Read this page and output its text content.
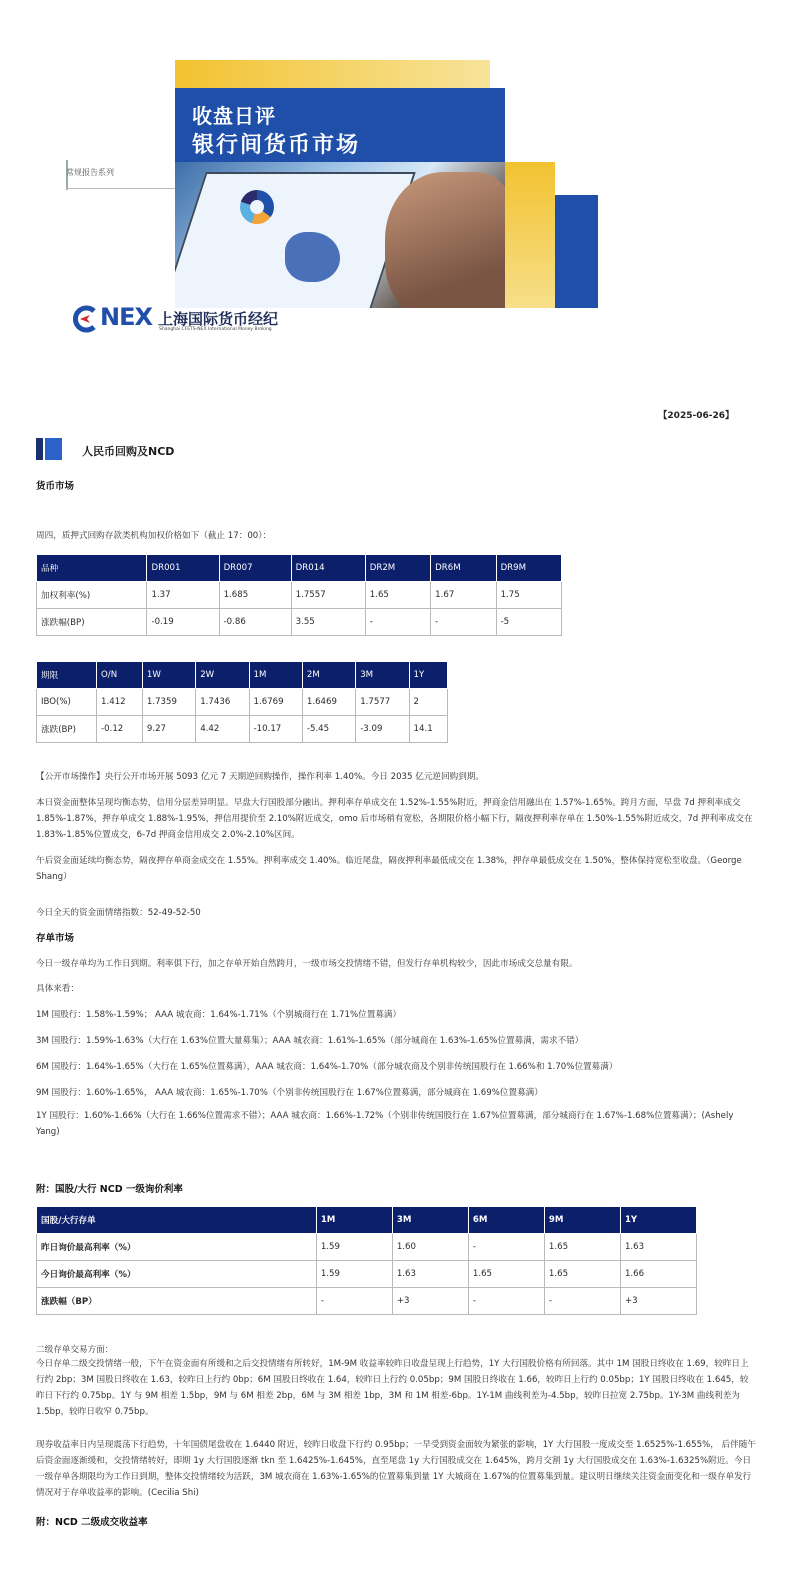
收盘日评
银行间货币市场
常规报告系列
NEX 上海国际货币经纪
Shanghai CFETS-NEX International Money Broking
【2025-06-26】
人民币回购及NCD
货币市场
周四，质押式回购存款类机构加权价格如下（截止 17：00）：
品种	DR001	DR007	DR014	DR2M	DR6M	DR9M
加权利率(%)	1.37	1.685	1.7557	1.65	1.67	1.75
涨跌幅(BP)	-0.19	-0.86	3.55	-	-	-5
期限	O/N	1W	2W	1M	2M	3M	1Y
IBO(%)	1.412	1.7359	1.7436	1.6769	1.6469	1.7577	2
涨跌(BP)	-0.12	9.27	4.42	-10.17	-5.45	-3.09	14.1
【公开市场操作】央行公开市场开展 5093 亿元 7 天期逆回购操作，操作利率 1.40%。今日 2035 亿元逆回购到期。
本日资金面整体呈现均衡态势，信用分层差异明显。早盘大行国股部分融出。押利率存单成交在 1.52%-1.55%附近，押商金信用融出在 1.57%-1.65%。跨月方面，早盘 7d 押利率成交 1.85%-1.87%，押存单成交 1.88%-1.95%，押信用提价至 2.10%附近成交，omo 后市场稍有宽松，各期限价格小幅下行，隔夜押利率存单在 1.50%-1.55%附近成交，7d 押利率成交在 1.83%-1.85%位置成交，6-7d 押商金信用成交 2.0%-2.10%区间。
午后资金面延续均衡态势，隔夜押存单商金成交在 1.55%。押利率成交 1.40%。临近尾盘，隔夜押利率最低成交在 1.38%，押存单最低成交在 1.50%，整体保持宽松至收盘。（George Shang）
今日全天的资金面情绪指数：52-49-52-50
存单市场
今日一级存单均为工作日到期。利率俱下行，加之存单开始自然跨月，一级市场交投情绪不错，但发行存单机构较少，因此市场成交总量有限。
具体来看：
1M 国股行：1.58%-1.59%； AAA 城农商：1.64%-1.71%（个别城商行在 1.71%位置募满）
3M 国股行：1.59%-1.63%（大行在 1.63%位置大量募集）；AAA 城农商：1.61%-1.65%（部分城商在 1.63%-1.65%位置募满，需求不错）
6M 国股行：1.64%-1.65%（大行在 1.65%位置募满），AAA 城农商：1.64%-1.70%（部分城农商及个别非传统国股行在 1.66%和 1.70%位置募满）
9M 国股行：1.60%-1.65%， AAA 城农商：1.65%-1.70%（个别非传统国股行在 1.67%位置募满，部分城商在 1.69%位置募满）
1Y 国股行：1.60%-1.66%（大行在 1.66%位置需求不错）；AAA 城农商：1.66%-1.72%（个别非传统国股行在 1.67%位置募满，部分城商行在 1.67%-1.68%位置募满）；(Ashely Yang)
附：国股/大行 NCD 一级询价利率
国股/大行存单	1M	3M	6M	9M	1Y
昨日询价最高利率（%）	1.59	1.60	-	1.65	1.63
今日询价最高利率（%）	1.59	1.63	1.65	1.65	1.66
涨跌幅（BP）	-	+3	-	-	+3
二级存单交易方面：
今日存单二级交投情绪一般，下午在资金面有所缓和之后交投情绪有所转好，1M-9M 收益率较昨日收盘呈现上行趋势，1Y 大行国股价格有所回落。其中 1M 国股日终收在 1.69，较昨日上行约 2bp；3M 国股日终收在 1.63，较昨日上行约 0bp；6M 国股日终收在 1.64，较昨日上行约 0.05bp；9M 国股日终收在 1.66，较昨日上行约 0.05bp；1Y 国股日终收在 1.645，较昨日下行约 0.75bp。1Y 与 9M 相差 1.5bp，9M 与 6M 相差 2bp，6M 与 3M 相差 1bp，3M 和 1M 相差-6bp。1Y-1M 曲线利差为-4.5bp，较昨日拉宽 2.75bp。1Y-3M 曲线利差为 1.5bp，较昨日收窄 0.75bp。
现券收益率日内呈现震荡下行趋势，十年国债尾盘收在 1.6440 附近，较昨日收盘下行约 0.95bp；一早受到资金面较为紧张的影响，1Y 大行国股一度成交至 1.6525%-1.655%， 后伴随午后资金面逐渐缓和，交投情绪转好，即期 1y 大行国股逐渐 tkn 至 1.6425%-1.645%，直至尾盘 1y 大行国股成交在 1.645%，跨月交割 1y 大行国股成交在 1.63%-1.6325%附近。今日一级存单各期限均为工作日到期，整体交投情绪较为活跃，3M 城农商在 1.63%-1.65%的位置募集到量 1Y 大城商在 1.67%的位置募集到量。建议明日继续关注资金面变化和一级存单发行情况对于存单收益率的影响。(Cecilia Shi)
附：NCD 二级成交收益率
